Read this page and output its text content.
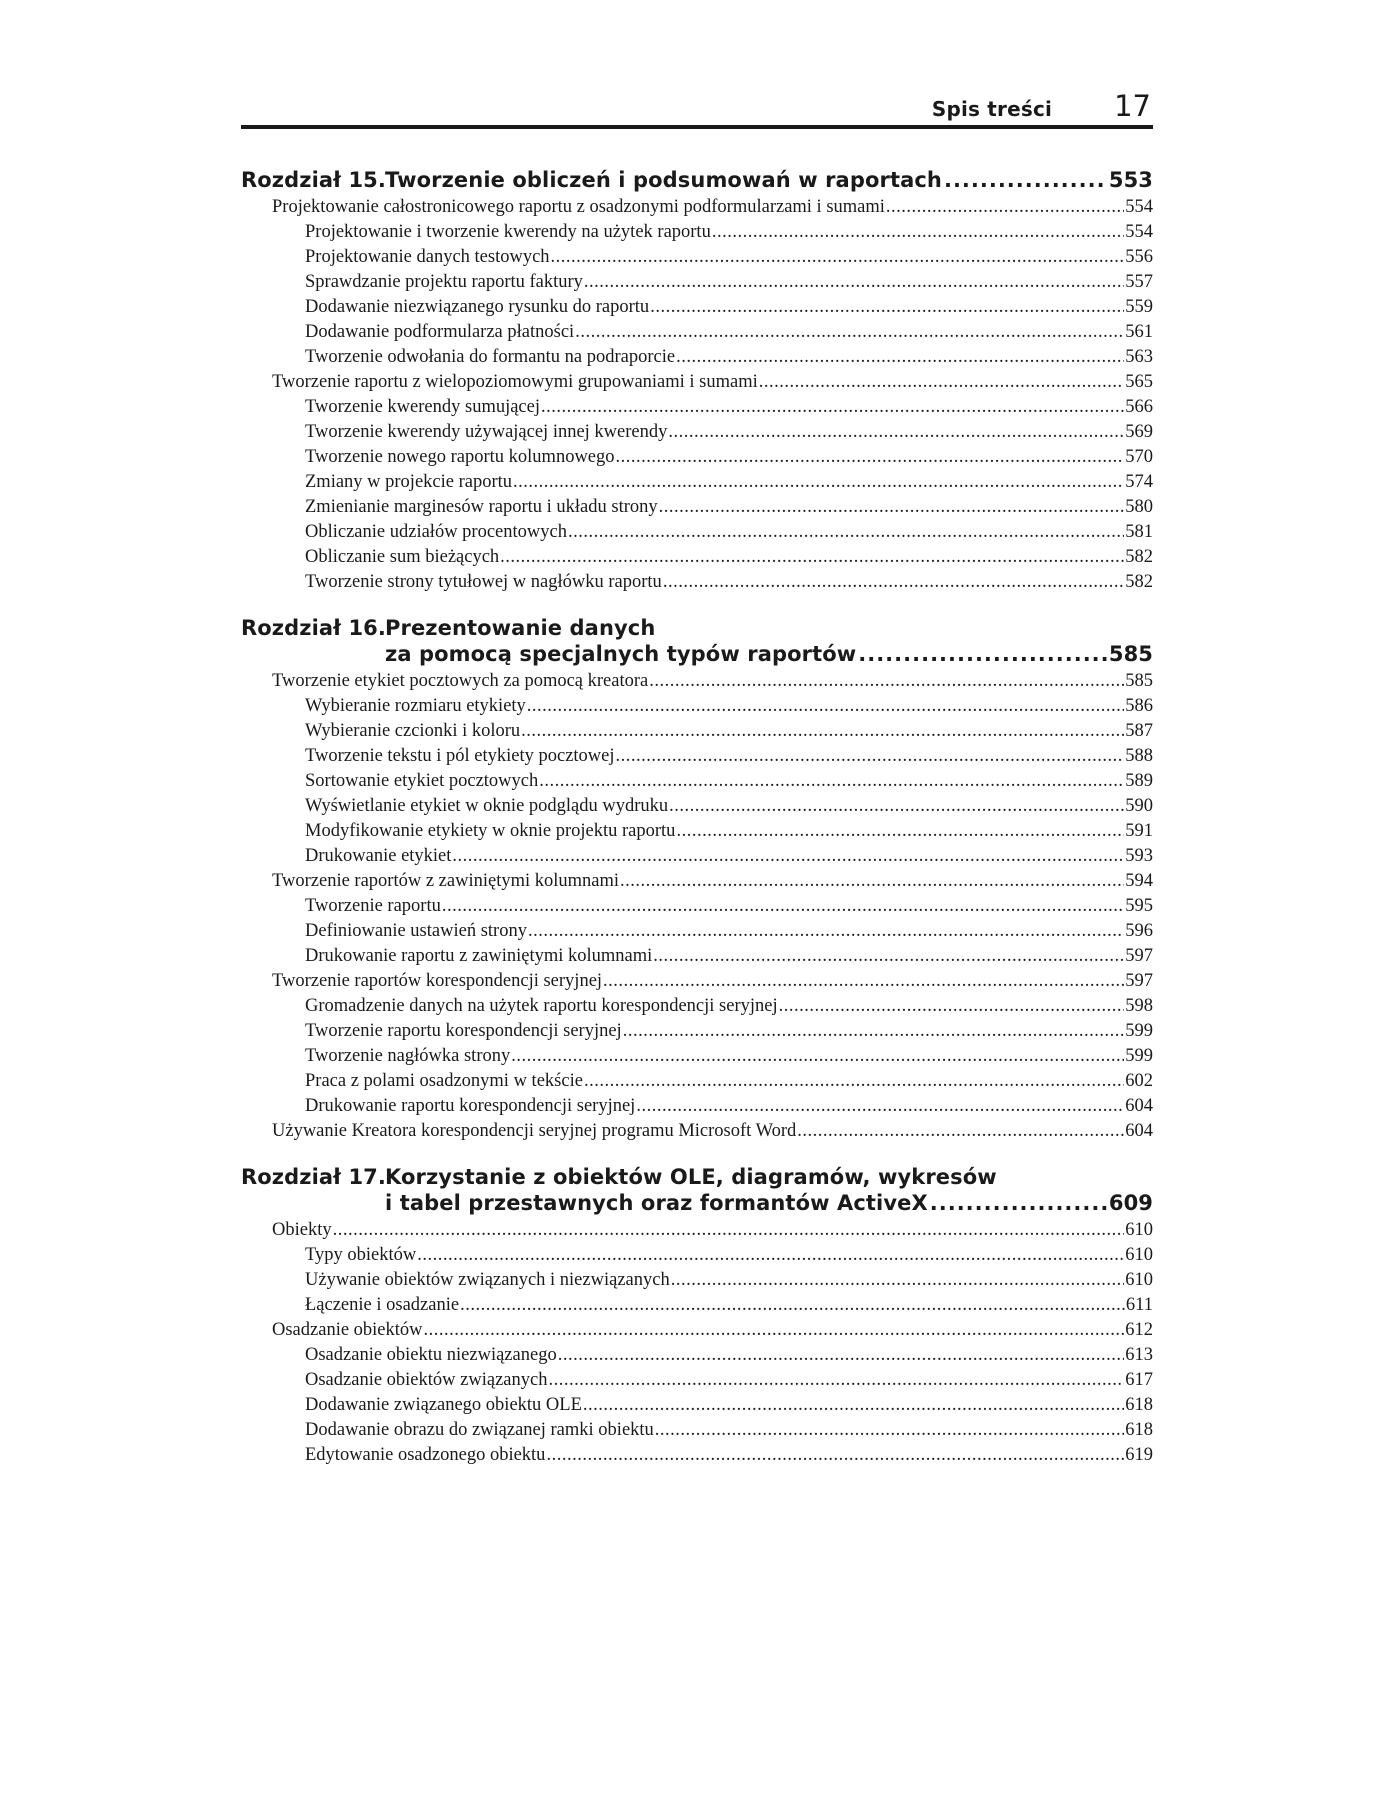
Spis treści 17
Rozdział 15. Tworzenie obliczeń i podsumowań w raportach .....	553
Projektowanie całostronicowego raportu z osadzonymi podformularzami i sumami .....	554
Projektowanie i tworzenie kwerendy na użytek raportu .....	554
Projektowanie danych testowych .....	556
Sprawdzanie projektu raportu faktury .....	557
Dodawanie niezwiązanego rysunku do raportu .....	559
Dodawanie podformularza płatności .....	561
Tworzenie odwołania do formantu na podraporcie .....	563
Tworzenie raportu z wielopoziomowymi grupowaniami i sumami .....	565
Tworzenie kwerendy sumującej .....	566
Tworzenie kwerendy używającej innej kwerendy .....	569
Tworzenie nowego raportu kolumnowego .....	570
Zmiany w projekcie raportu .....	574
Zmienianie marginesów raportu i układu strony .....	580
Obliczanie udziałów procentowych .....	581
Obliczanie sum bieżących .....	582
Tworzenie strony tytułowej w nagłówku raportu .....	582
Rozdział 16. Prezentowanie danych
za pomocą specjalnych typów raportów .....	585
Tworzenie etykiet pocztowych za pomocą kreatora .....	585
Wybieranie rozmiaru etykiety .....	586
Wybieranie czcionki i koloru .....	587
Tworzenie tekstu i pól etykiety pocztowej .....	588
Sortowanie etykiet pocztowych .....	589
Wyświetlanie etykiet w oknie podglądu wydruku .....	590
Modyfikowanie etykiety w oknie projektu raportu .....	591
Drukowanie etykiet .....	593
Tworzenie raportów z zawiniętymi kolumnami .....	594
Tworzenie raportu .....	595
Definiowanie ustawień strony .....	596
Drukowanie raportu z zawiniętymi kolumnami .....	597
Tworzenie raportów korespondencji seryjnej .....	597
Gromadzenie danych na użytek raportu korespondencji seryjnej .....	598
Tworzenie raportu korespondencji seryjnej .....	599
Tworzenie nagłówka strony .....	599
Praca z polami osadzonymi w tekście .....	602
Drukowanie raportu korespondencji seryjnej .....	604
Używanie Kreatora korespondencji seryjnej programu Microsoft Word .....	604
Rozdział 17. Korzystanie z obiektów OLE, diagramów, wykresów
i tabel przestawnych oraz formantów ActiveX .....	609
Obiekty .....	610
Typy obiektów .....	610
Używanie obiektów związanych i niezwiązanych .....	610
Łączenie i osadzanie .....	611
Osadzanie obiektów .....	612
Osadzanie obiektu niezwiązanego .....	613
Osadzanie obiektów związanych .....	617
Dodawanie związanego obiektu OLE .....	618
Dodawanie obrazu do związanej ramki obiektu .....	618
Edytowanie osadzonego obiektu .....	619
